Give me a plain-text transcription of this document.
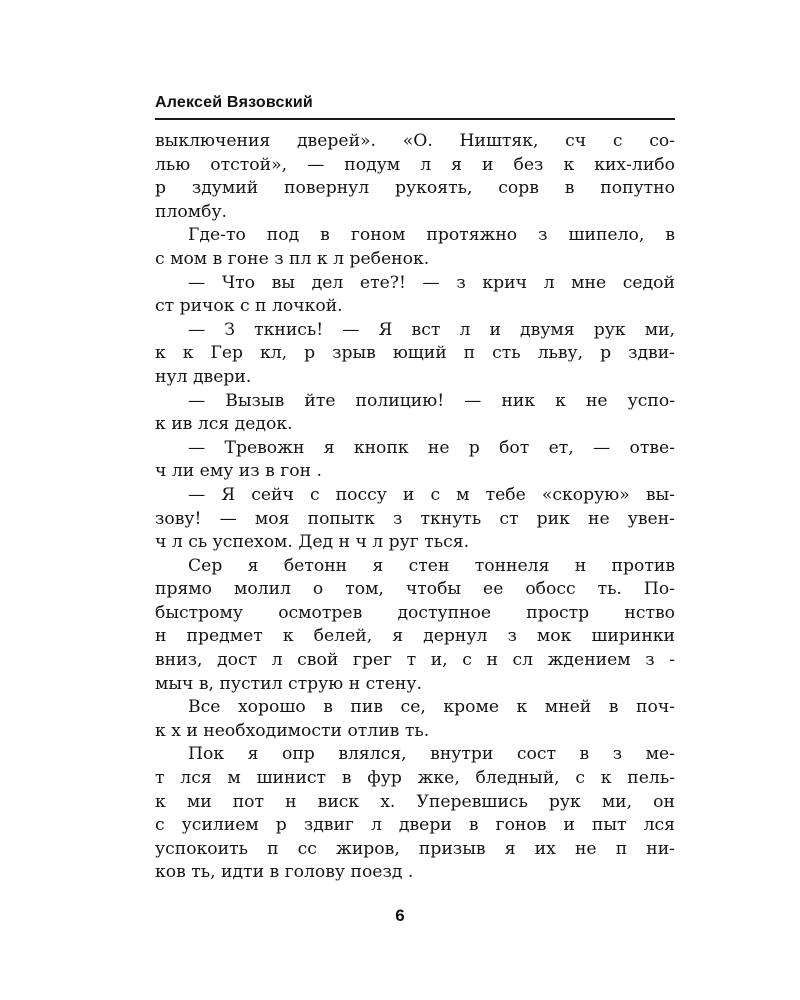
Алексей Вязовский

выключения дверей». «О. Ништяк, сч с со-
лью отстой», — подум л я и без к ких-либо
р здумий повернул рукоять, сорв в попутно
пломбу.

Где-то под в гоном протяжно з шипело, в
с мом в гоне з пл к л ребенок.

— Что вы дел ете?! — з крич л мне седой
ст ричок с п лочкой.

— З ткнись! — Я вст л и двумя рук ми,
к к Гер кл, р зрыв ющий п сть льву, р здви-
нул двери.

— Вызыв йте полицию! — ник к не успо-
к ив лся дедок.

— Тревожн я кнопк не р бот ет, — отве-
ч ли ему из в гон .

— Я сейч с поссу и с м тебе «скорую» вы-
зову! — моя попытк з ткнуть ст рик не увен-
ч л сь успехом. Дед н ч л руг ться.

Сер я бетонн я стен тоннеля н против
прямо молил о том, чтобы ее обосс ть. По-
быстрому осмотрев доступное простр нство
н предмет к белей, я дернул з мок ширинки
вниз, дост л свой грег т и, с н сл ждением з -
мыч в, пустил струю н стену.

Все хорошо в пив се, кроме к мней в поч-
к х и необходимости отлив ть.

Пок я опр влялся, внутри сост в з ме-
т лся м шинист в фур жке, бледный, с к пель-
к ми пот н виск х. Уперевшись рук ми, он
с усилием р здвиг л двери в гонов и пыт лся
успокоить п сс жиров, призыв я их не п ни-
ков ть, идти в голову поезд .

6
